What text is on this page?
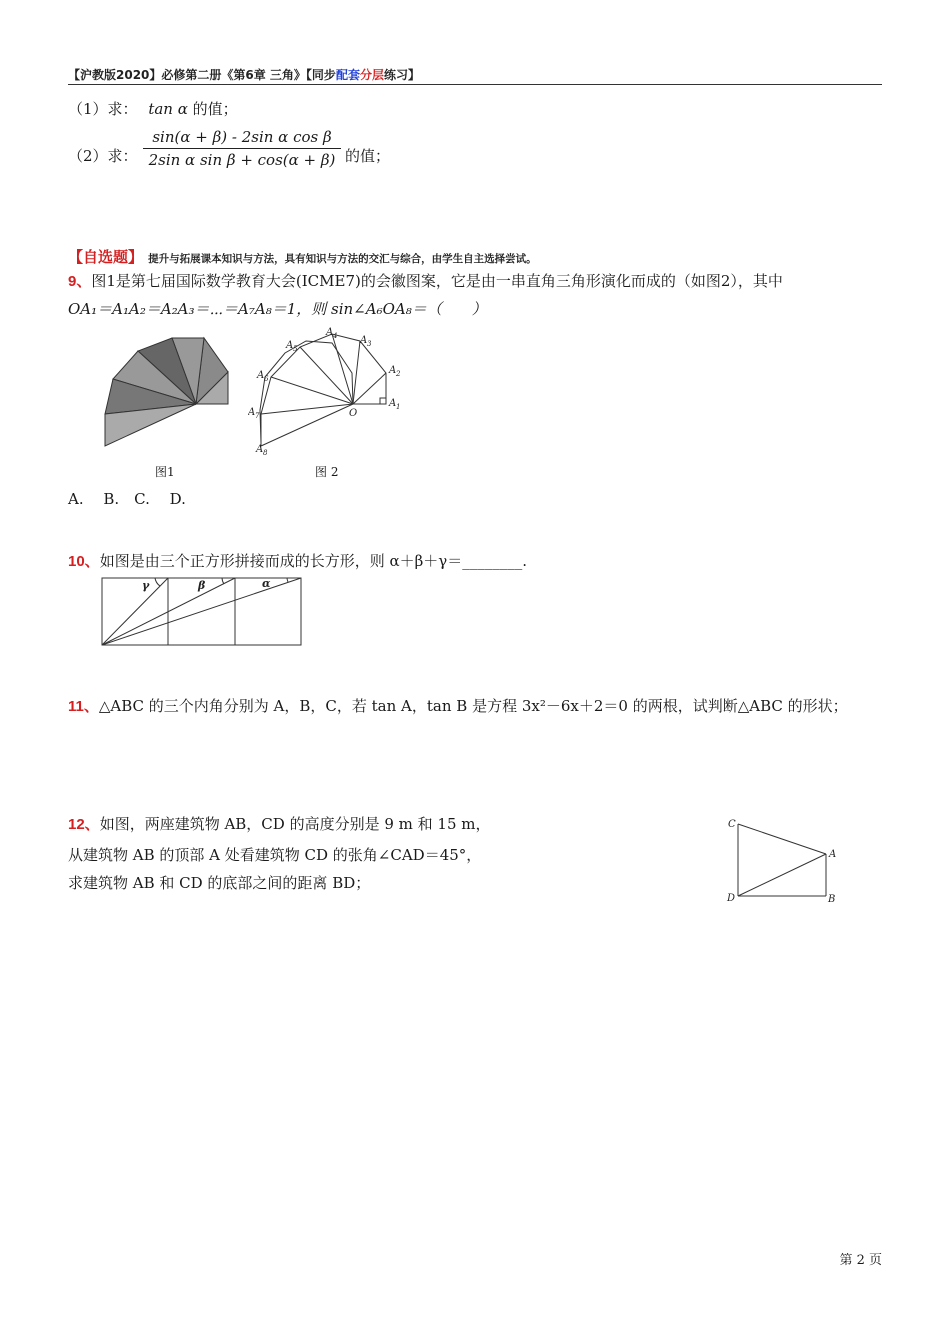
【沪教版2020】必修第二册《第6章 三角》【同步配套分层练习】
（1）求： tan α 的值；
（2）求：
sin(α + β) - 2sin α cos β
2sin α sin β + cos(α + β) 的值；
【自选题】 提升与拓展课本知识与方法，具有知识与方法的交汇与综合，由学生自主选择尝试。
9、图1是第七届国际数学教育大会(ICME7)的会徽图案，它是由一串直角三角形演化而成的（如图2），其中
OA₁＝A₁A₂＝A₂A₃＝⋯＝A₇A₈＝1，则 sin∠A₆OA₈＝（　　）
图1
A 1
A 2
A 3
A 4
A 5
A 6
A 7
A 8
O
图 2
A.　 B.　C.　 D.
10、如图是由三个正方形拼接而成的长方形，则 α＋β＋γ＝________.
γ	β	α
11、△ABC 的三个内角分别为 A，B，C，若 tan A，tan B 是方程 3x²－6x＋2＝0 的两根，试判断△ABC 的形状；
12、如图，两座建筑物 AB，CD 的高度分别是 9 m 和 15 m，
从建筑物 AB 的顶部 A 处看建筑物 CD 的张角∠CAD＝45°，
求建筑物 AB 和 CD 的底部之间的距离 BD；
C
A
D	B
第 2 页
